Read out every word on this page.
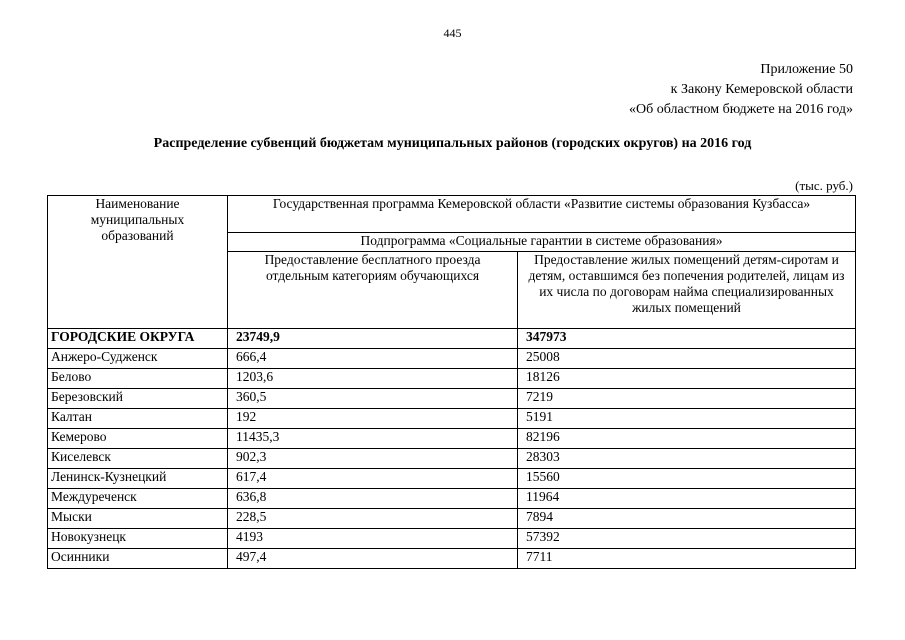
445
Приложение 50
к Закону Кемеровской области
«Об областном бюджете на 2016 год»
Распределение субвенций бюджетам муниципальных районов (городских округов) на 2016 год
(тыс. руб.)
Наименование муниципальных образований	Государственная программа Кемеровской области «Развитие системы образования Кузбасса»	
	Подпрограмма «Социальные гарантии в системе образования»	
	Предоставление бесплатного проезда отдельным категориям обучающихся	Предоставление жилых помещений детям-сиротам и детям, оставшимся без попечения родителей, лицам из их числа по договорам найма специализированных жилых помещений
ГОРОДСКИЕ ОКРУГА	23749,9	347973
Анжеро-Судженск	666,4	25008
Белово	1203,6	18126
Березовский	360,5	7219
Калтан	192	5191
Кемерово	11435,3	82196
Киселевск	902,3	28303
Ленинск-Кузнецкий	617,4	15560
Междуреченск	636,8	11964
Мыски	228,5	7894
Новокузнецк	4193	57392
Осинники	497,4	7711
